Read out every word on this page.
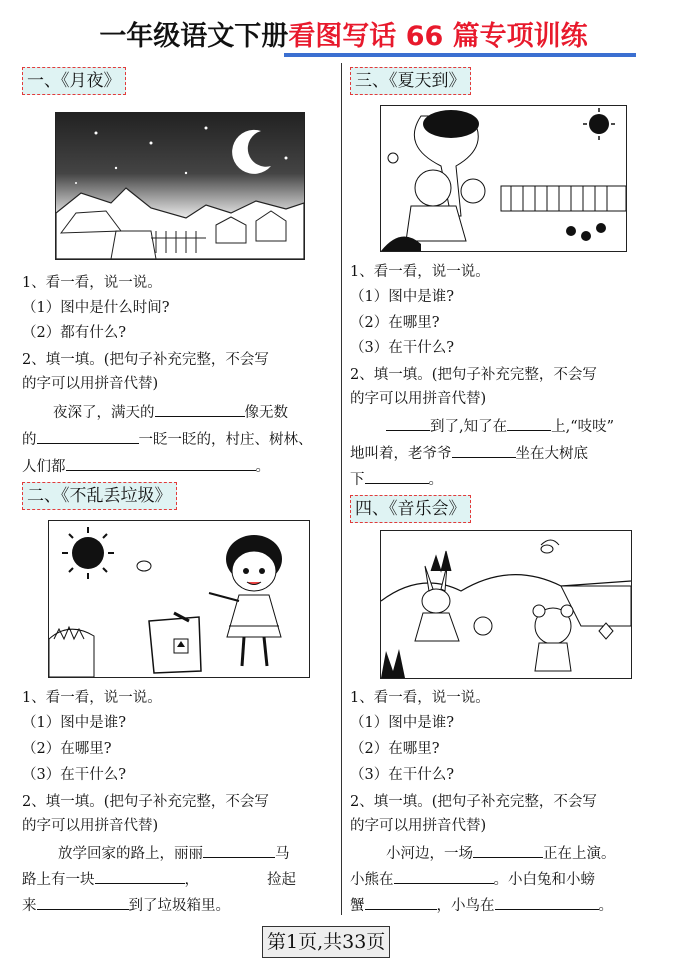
一年级语文下册看图写话 66 篇专项训练
一、《月夜》
1、看一看，说一说。
（1）图中是什么时间?
（2）都有什么?
2、填一填。(把句子补充完整，不会写
的字可以用拼音代替)
夜深了，满天的	像无数
的	一眨一眨的，村庄、树林、
人们都	。
二、《不乱丢垃圾》
1、看一看，说一说。
（1）图中是谁?
（2）在哪里?
（3）在干什么?
2、填一填。(把句子补充完整，不会写
的字可以用拼音代替)
放学回家的路上，丽丽	马
路上有一块	，	捡起
来	到了垃圾箱里。
三、《夏天到》
1、看一看，说一说。
（1）图中是谁?
（2）在哪里?
（3）在干什么?
2、填一填。(把句子补充完整，不会写
的字可以用拼音代替)
到了,知了在	上,“吱吱”
地叫着，老爷爷	坐在大树底
下	。
四、《音乐会》
1、看一看，说一说。
（1）图中是谁?
（2）在哪里?
（3）在干什么?
2、填一填。(把句子补充完整，不会写
的字可以用拼音代替)
小河边，一场	正在上演。
小熊在	。小白兔和小螃
蟹	，小鸟在	。
第1页,共33页
